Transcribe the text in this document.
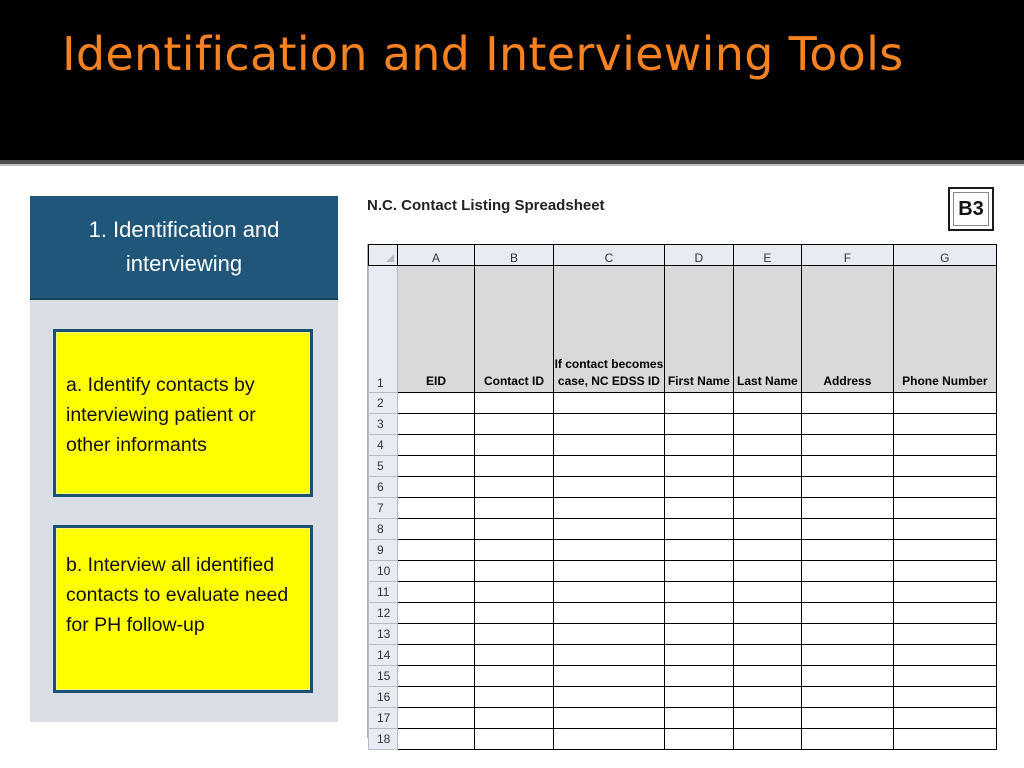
Identification and Interviewing Tools
1. Identification and interviewing
a. Identify contacts by interviewing patient or other informants
b. Interview all identified contacts to evaluate need for PH follow-up
N.C. Contact Listing Spreadsheet	B3
	A	B	C	D	E	F	G
1	EID	Contact ID	If contact becomes case, NC EDSS ID	First Name	Last Name	Address	Phone Number
2							
3							
4							
5							
6							
7							
8							
9							
10							
11							
12							
13							
14							
15							
16							
17							
18							
